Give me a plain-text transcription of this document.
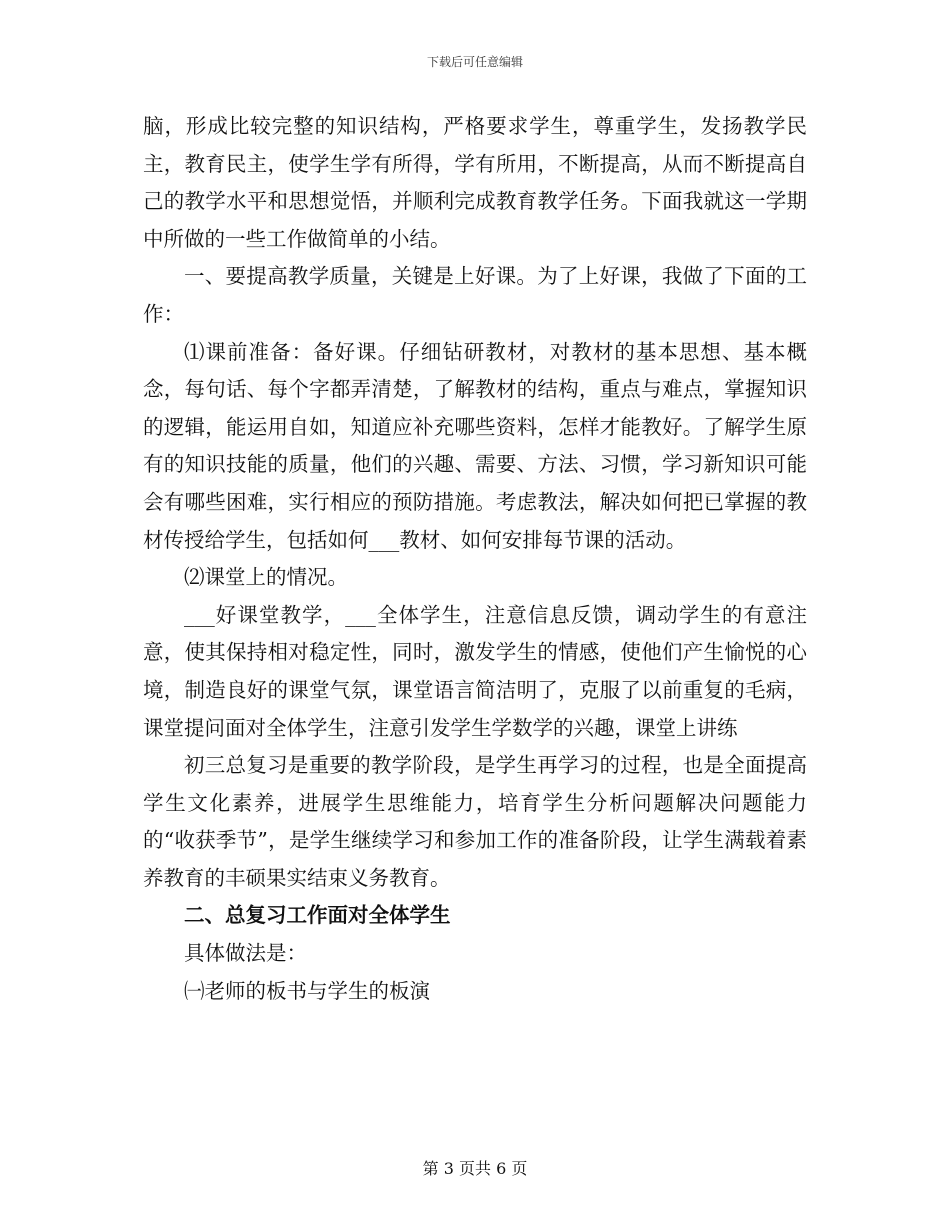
下载后可任意编辑

脑，形成比较完整的知识结构，严格要求学生，尊重学生，发扬教学民主，教育民主，使学生学有所得，学有所用，不断提高，从而不断提高自己的教学水平和思想觉悟，并顺利完成教育教学任务。下面我就这一学期中所做的一些工作做简单的小结。

一、要提高教学质量，关键是上好课。为了上好课，我做了下面的工作：

⑴课前准备：备好课。仔细钻研教材，对教材的基本思想、基本概念，每句话、每个字都弄清楚，了解教材的结构，重点与难点，掌握知识的逻辑，能运用自如，知道应补充哪些资料，怎样才能教好。了解学生原有的知识技能的质量，他们的兴趣、需要、方法、习惯，学习新知识可能会有哪些困难，实行相应的预防措施。考虑教法，解决如何把已掌握的教材传授给学生，包括如何___教材、如何安排每节课的活动。

⑵课堂上的情况。

___好课堂教学，___全体学生，注意信息反馈，调动学生的有意注意，使其保持相对稳定性，同时，激发学生的情感，使他们产生愉悦的心境，制造良好的课堂气氛，课堂语言简洁明了，克服了以前重复的毛病，课堂提问面对全体学生，注意引发学生学数学的兴趣，课堂上讲练

初三总复习是重要的教学阶段，是学生再学习的过程，也是全面提高学生文化素养，进展学生思维能力，培育学生分析问题解决问题能力的“收获季节”，是学生继续学习和参加工作的准备阶段，让学生满载着素养教育的丰硕果实结束义务教育。

二、总复习工作面对全体学生

具体做法是：

㈠老师的板书与学生的板演

第 3 页共 6 页
